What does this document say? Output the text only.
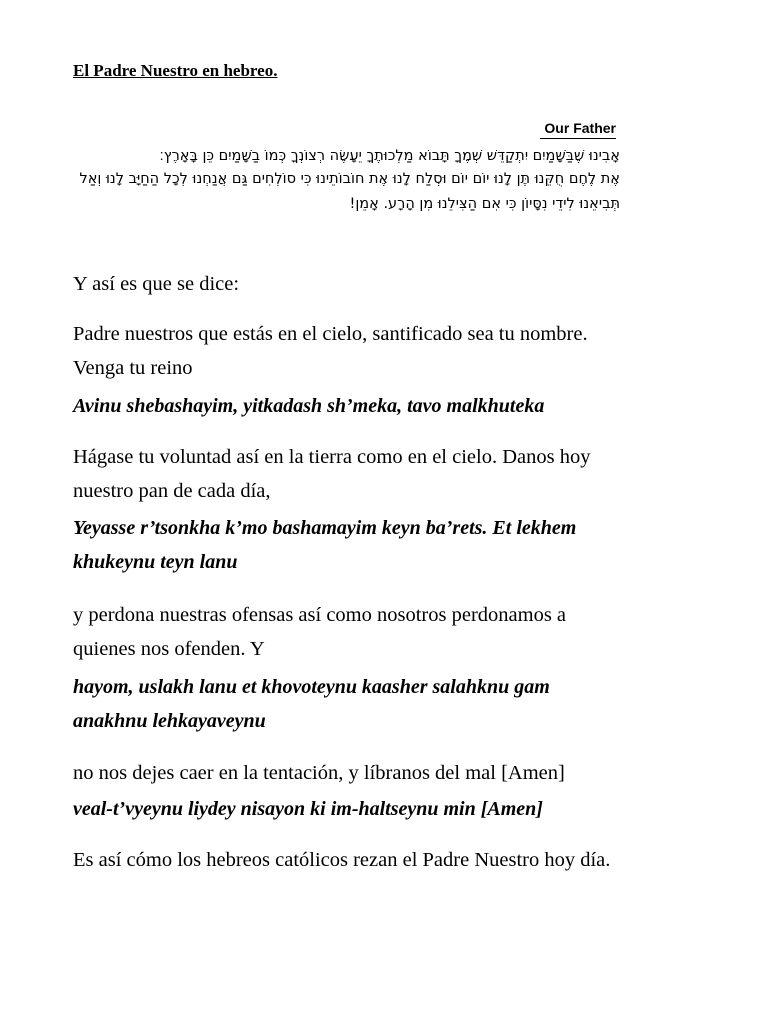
El Padre Nuestro en hebreo.
Our Father
אָבִינוּ שֶׁבַּשָּׁמַיִם יִתְקַדֵּשׁ שְׁמֶךָ תָּבוֹא מַלְכוּתֶךָ יֵעָשֶׂה רְצוֹנְךָ כְּמוֹ בַשָּׁמַיִם כֵּן בָּאָרֶץ׃
אֶת לֶחֶם חֻקֵּנוּ תֶּן לָנוּ יוֹם יוֹם וּסְלַח לָנוּ אֶת חוֹבוֹתֵינוּ כִּי סוֹלְחִים גַּם אֲנַחְנוּ לְכָל הַחַיָּב לָנוּ וְאַל
תְּבִיאֵנוּ לִידֵי נִסָּיוֹן כִּי אִם הַצִּילֵנוּ מִן הָרָע. אָמֵן!
Y así es que se dice:
Padre nuestros que estás en el cielo, santificado sea tu nombre.
Venga tu reino
Avinu shebashayim, yitkadash sh’meka, tavo malkhuteka
Hágase tu voluntad así en la tierra como en el cielo. Danos hoy
nuestro pan de cada día,
Yeyasse r’tsonkha k’mo bashamayim keyn ba’rets. Et lekhem
khukeynu teyn lanu
y perdona nuestras ofensas así como nosotros perdonamos a
quienes nos ofenden. Y
hayom, uslakh lanu et khovoteynu kaasher salahknu gam
anakhnu lehkayaveynu
no nos dejes caer en la tentación, y líbranos del mal [Amen]
veal-t’vyeynu liydey nisayon ki im-haltseynu min [Amen]
Es así cómo los hebreos católicos rezan el Padre Nuestro hoy día.
